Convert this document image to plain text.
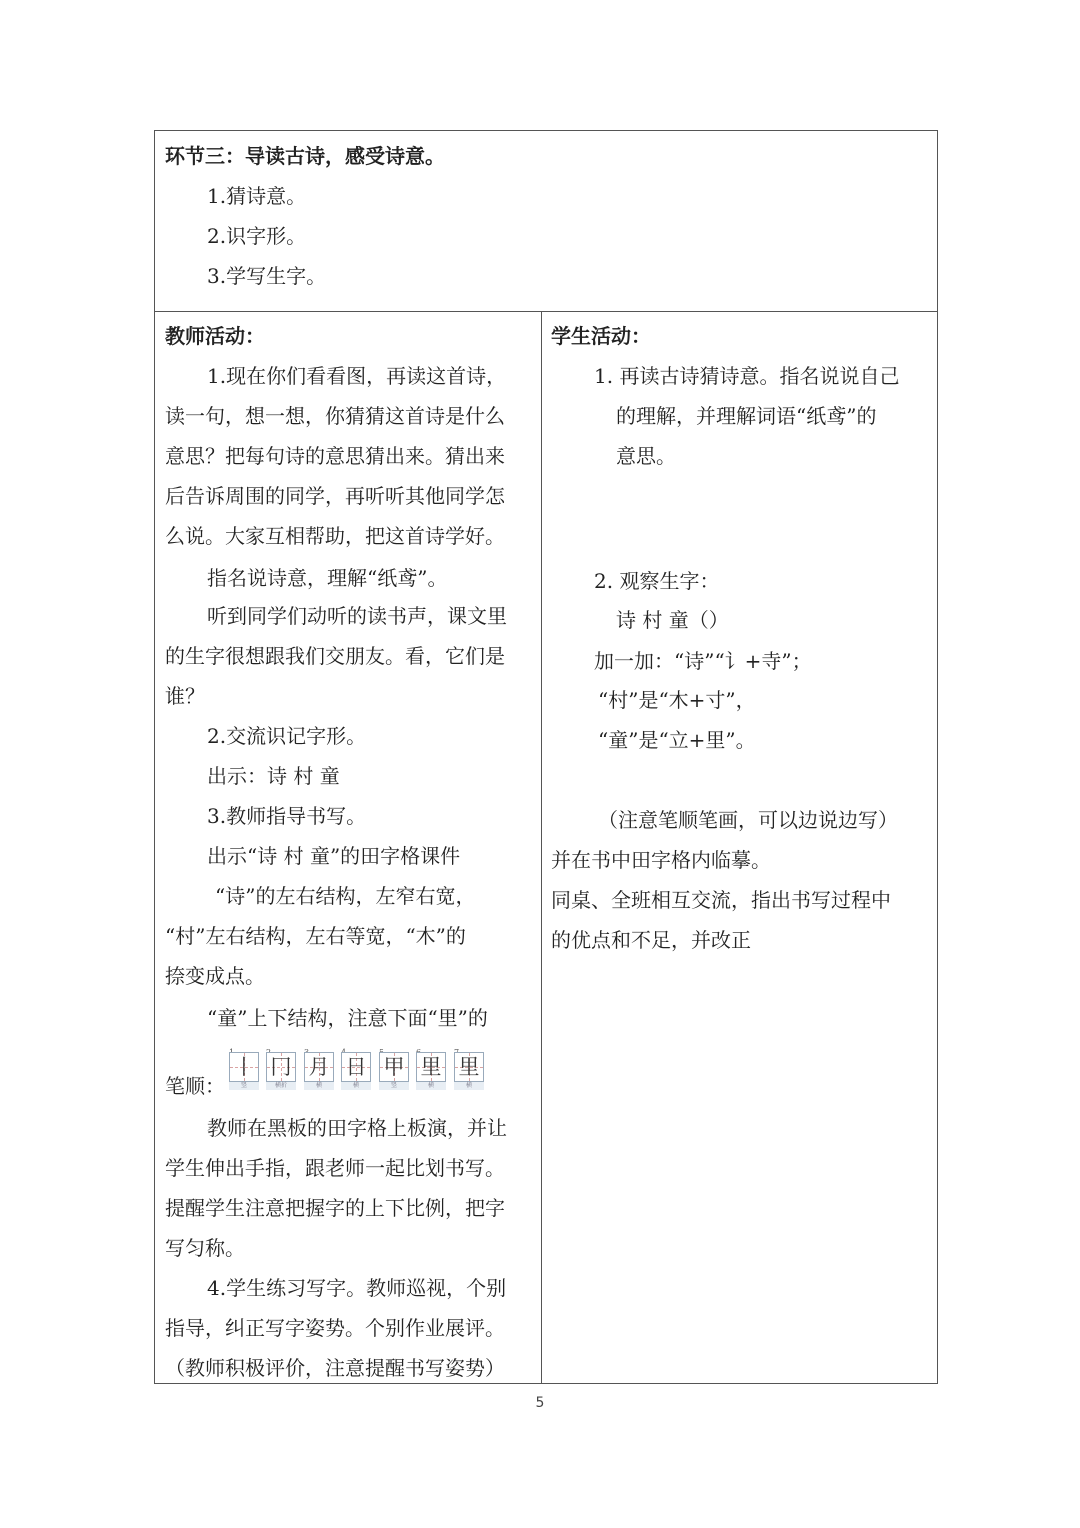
环节三：导读古诗，感受诗意。
1.猜诗意。
2.识字形。
3.学写生字。
教师活动：
1.现在你们看看图，再读这首诗，
读一句，想一想，你猜猜这首诗是什么
意思？把每句诗的意思猜出来。猜出来
后告诉周围的同学，再听听其他同学怎
么说。大家互相帮助，把这首诗学好。
指名说诗意，理解“纸鸢”。
听到同学们动听的读书声，课文里
的生字很想跟我们交朋友。看，它们是
谁？
2.交流识记字形。
出示：诗 村 童
3.教师指导书写。
出示“诗 村 童”的田字格课件
“诗”的左右结构，左窄右宽，
“村”左右结构，左右等宽，“木”的
捺变成点。
“童”上下结构，注意下面“里”的
笔顺：
丨
竖
冂
横折
月
横
日
横
甲
竖
里
横
里
横
教师在黑板的田字格上板演，并让
学生伸出手指，跟老师一起比划书写。
提醒学生注意把握字的上下比例，把字
写匀称。
4.学生练习写字。教师巡视，个别
指导，纠正写字姿势。个别作业展评。
（教师积极评价，注意提醒书写姿势）
学生活动：
1. 再读古诗猜诗意。指名说说自己
的理解，并理解词语“纸鸢”的
意思。
2. 观察生字：
诗 村 童（）
加一加：“诗”“讠+寺”；
“村”是“木+寸”，
“童”是“立+里”。
（注意笔顺笔画，可以边说边写）
并在书中田字格内临摹。
同桌、全班相互交流，指出书写过程中
的优点和不足，并改正
5
